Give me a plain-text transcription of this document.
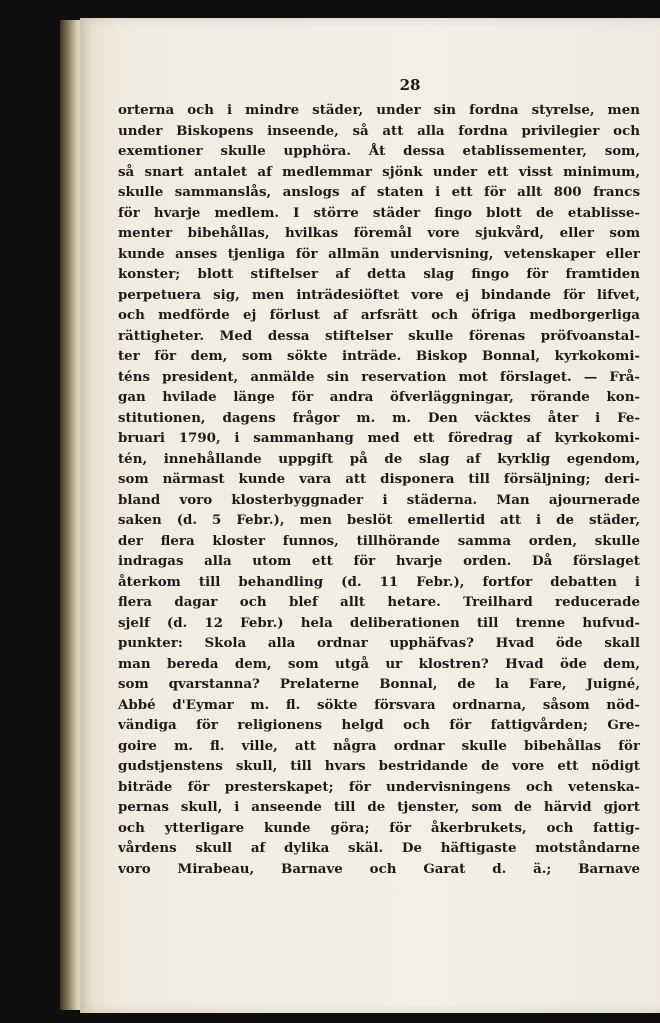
28
orterna och i mindre städer, under sin fordna styrelse, men
under Biskopens inseende, så att alla fordna privilegier och
exemtioner skulle upphöra. Åt dessa etablissementer, som,
så snart antalet af medlemmar sjönk under ett visst minimum,
skulle sammanslås, anslogs af staten i ett för allt 800 francs
för hvarje medlem. I större städer fingo blott de etablisse-
menter bibehållas, hvilkas föremål vore sjukvård, eller som
kunde anses tjenliga för allmän undervisning, vetenskaper eller
konster; blott stiftelser af detta slag fingo för framtiden
perpetuera sig, men inträdesiöftet vore ej bindande för lifvet,
och medförde ej förlust af arfsrätt och öfriga medborgerliga
rättigheter. Med dessa stiftelser skulle förenas pröfvoanstal-
ter för dem, som sökte inträde. Biskop Bonnal, kyrkokomi-
téns president, anmälde sin reservation mot förslaget. — Frå-
gan hvilade länge för andra öfverläggningar, rörande kon-
stitutionen, dagens frågor m. m. Den väcktes åter i Fe-
bruari 1790, i sammanhang med ett föredrag af kyrkokomi-
tén, innehållande uppgift på de slag af kyrklig egendom,
som närmast kunde vara att disponera till försäljning; deri-
bland voro klosterbyggnader i städerna. Man ajournerade
saken (d. 5 Febr.), men beslöt emellertid att i de städer,
der flera kloster funnos, tillhörande samma orden, skulle
indragas alla utom ett för hvarje orden. Då förslaget
återkom till behandling (d. 11 Febr.), fortfor debatten i
flera dagar och blef allt hetare. Treilhard reducerade
sjelf (d. 12 Febr.) hela deliberationen till trenne hufvud-
punkter: Skola alla ordnar upphäfvas? Hvad öde skall
man bereda dem, som utgå ur klostren? Hvad öde dem,
som qvarstanna? Prelaterne Bonnal, de la Fare, Juigné,
Abbé d'Eymar m. fl. sökte försvara ordnarna, såsom nöd-
vändiga för religionens helgd och för fattigvården; Gre-
goire m. fl. ville, att några ordnar skulle bibehållas för
gudstjenstens skull, till hvars bestridande de vore ett nödigt
biträde för presterskapet; för undervisningens och vetenska-
pernas skull, i anseende till de tjenster, som de härvid gjort
och ytterligare kunde göra; för åkerbrukets, och fattig-
vårdens skull af dylika skäl. De häftigaste motståndarne
voro Mirabeau, Barnave och Garat d. ä.; Barnave
